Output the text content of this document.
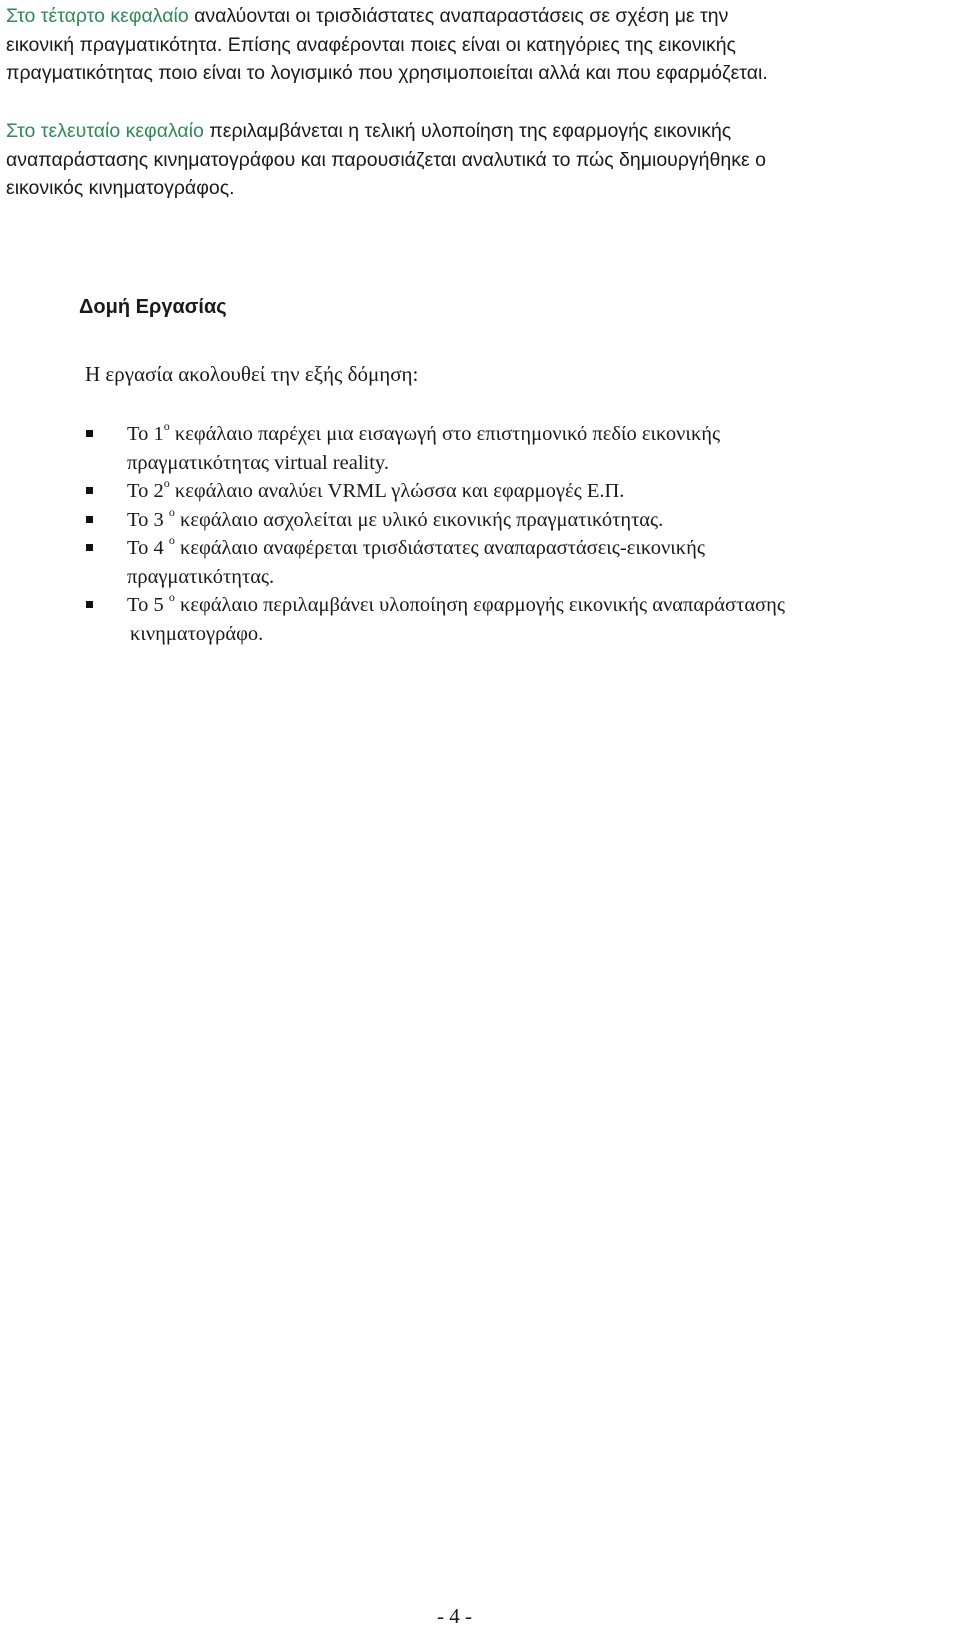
Στο τέταρτο κεφαλαίο αναλύονται οι τρισδιάστατες αναπαραστάσεις σε σχέση με την
εικονική πραγματικότητα. Επίσης αναφέρονται ποιες είναι οι κατηγόριες της εικονικής
πραγματικότητας ποιο είναι το λογισμικό που χρησιμοποιείται αλλά και που εφαρμόζεται.
Στο τελευταίο κεφαλαίο περιλαμβάνεται η τελική υλοποίηση της εφαρμογής εικονικής
αναπαράστασης κινηματογράφου και παρουσιάζεται αναλυτικά το πώς δημιουργήθηκε ο
εικονικός κινηματογράφος.
Δομή Εργασίας

Η εργασία ακολουθεί την εξής δόμηση:

Το $1^o$ κεφάλαιο παρέχει μια εισαγωγή στο επιστημονικό πεδίο εικονικής
πραγματικότητας virtual reality.
Το $2^o$ κεφάλαιο αναλύει VRML γλώσσα και εφαρμογές Ε.Π.
Το 3 $^o$ κεφάλαιο ασχολείται με υλικό εικονικής πραγματικότητας.
Το 4 $^o$ κεφάλαιο αναφέρεται τρισδιάστατες αναπαραστάσεις-εικονικής
πραγματικότητας.
Το 5 $^o$ κεφάλαιο περιλαμβάνει υλοποίηση εφαρμογής εικονικής αναπαράστασης
κινηματογράφο.

- 4 -
